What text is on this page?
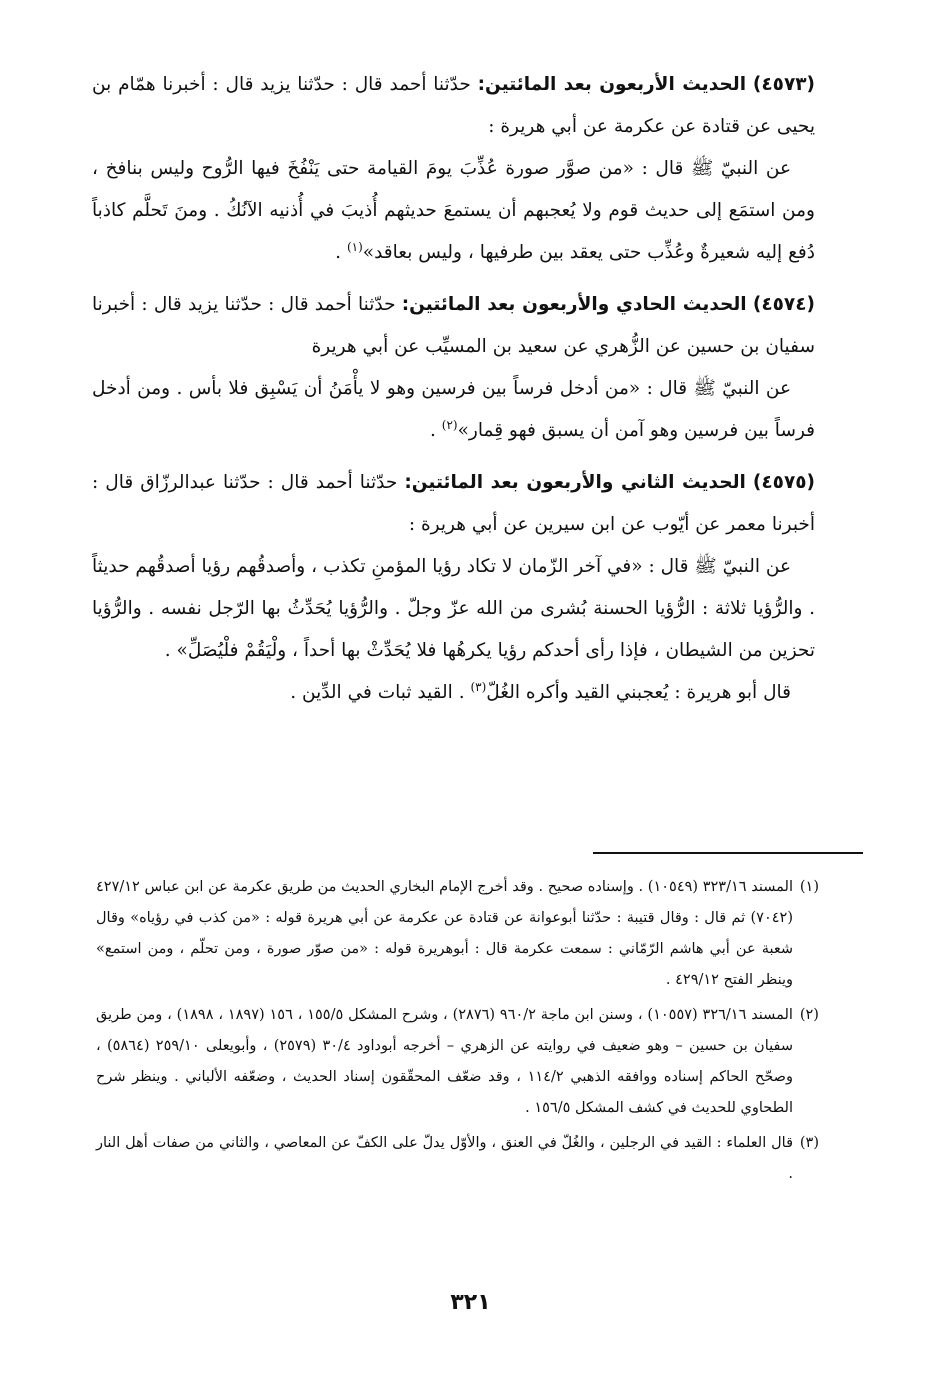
(٤٥٧٣) الحديث الأربعون بعد المائتين: حدّثنا أحمد قال : حدّثنا يزيد قال : أخبرنا همّام بن يحيى عن قتادة عن عكرمة عن أبي هريرة :

عن النبيّ ﷺ قال : «من صوَّر صورة عُذِّبَ يومَ القيامة حتى يَنْفُخَ فيها الرُّوح وليس بنافخ ، ومن استمَع إلى حديث قوم ولا يُعجبهم أن يستمعَ حديثهم أُذيبَ في أُذنيه الآنُكُ . ومنَ تَحلَّم كاذباً دُفع إليه شعيرةٌ وعُذِّب حتى يعقد بين طرفيها ، وليس بعاقد»$^{(١)}$ .

(٤٥٧٤) الحديث الحادي والأربعون بعد المائتين: حدّثنا أحمد قال : حدّثنا يزيد قال : أخبرنا سفيان بن حسين عن الزُّهري عن سعيد بن المسيِّب عن أبي هريرة

عن النبيّ ﷺ قال : «من أدخل فرساً بين فرسين وهو لا يأْمَنُ أن يَسْبِق فلا بأس . ومن أدخل فرساً بين فرسين وهو آمن أن يسبق فهو قِمار»$^{(٢)}$ .

(٤٥٧٥) الحديث الثاني والأربعون بعد المائتين: حدّثنا أحمد قال : حدّثنا عبدالرزّاق قال : أخبرنا معمر عن أيّوب عن ابن سيرين عن أبي هريرة :

عن النبيّ ﷺ قال : «في آخر الزّمان لا تكاد رؤيا المؤمنِ تكذب ، وأصدقُهم رؤيا أصدقُهم حديثاً . والرُّؤيا ثلاثة : الرُّؤيا الحسنة بُشرى من الله عزّ وجلّ . والرُّؤيا يُحَدِّثُ بها الرّجل نفسه . والرُّؤيا تحزين من الشيطان ، فإذا رأى أحدكم رؤيا يكرهُها فلا يُحَدِّثْ بها أحداً ، ولْيَقُمْ فلْيُصَلِّ» .

قال أبو هريرة : يُعجبني القيد وأكره الغُلّ$^{(٣)}$ . القيد ثبات في الدِّين .

(١)المسند ٣٢٣/١٦ (١٠٥٤٩) . وإسناده صحيح . وقد أخرج الإمام البخاري الحديث من طريق عكرمة عن ابن عباس ٤٢٧/١٢ (٧٠٤٢) ثم قال : وقال قتيبة : حدّثنا أبوعوانة عن قتادة عن عكرمة عن أبي هريرة قوله : «من كذب في رؤياه» وقال شعبة عن أبي هاشم الرّمّاني : سمعت عكرمة قال : أبوهريرة قوله : «من صوّر صورة ، ومن تحلّم ، ومن استمع» وينظر الفتح ٤٢٩/١٢ .

(٢)المسند ٣٢٦/١٦ (١٠٥٥٧) ، وسنن ابن ماجة ٩٦٠/٢ (٢٨٧٦) ، وشرح المشكل ١٥٥/٥ ، ١٥٦ (١٨٩٧ ، ١٨٩٨) ، ومن طريق سفيان بن حسين – وهو ضعيف في روايته عن الزهري – أخرجه أبوداود ٣٠/٤ (٢٥٧٩) ، وأبويعلى ٢٥٩/١٠ (٥٨٦٤) ، وصحّح الحاكم إسناده ووافقه الذهبي ١١٤/٢ ، وقد ضعّف المحقّقون إسناد الحديث ، وضعّفه الألباني . وينظر شرح الطحاوي للحديث في كشف المشكل ١٥٦/٥ .

(٣)قال العلماء : القيد في الرجلين ، والغُلّ في العنق ، والأوّل يدلّ على الكفّ عن المعاصي ، والثاني من صفات أهل النار .

٣٢١
